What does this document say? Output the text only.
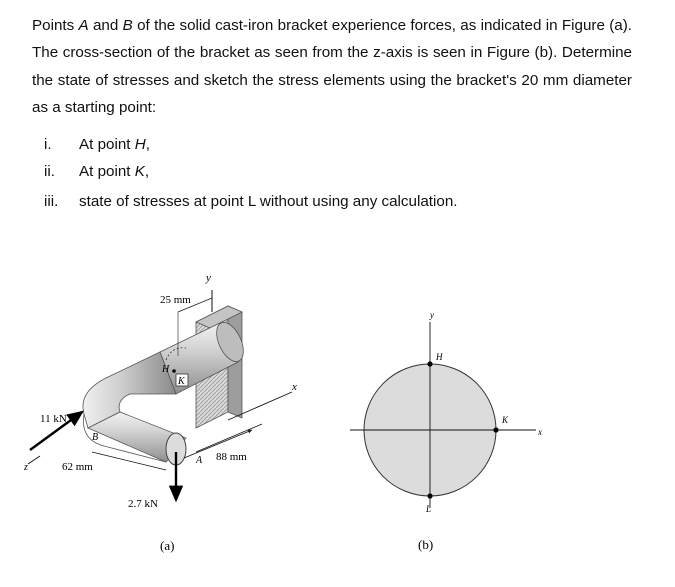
Points A and B of the solid cast-iron bracket experience forces, as indicated in Figure (a). The cross-section of the bracket as seen from the z-axis is seen in Figure (b). Determine the state of stresses and sketch the stress elements using the bracket's 20 mm diameter as a starting point:
i.	At point H,
ii.	At point K,
iii.	state of stresses at point L without using any calculation.
25 mm
y
H
K	x
11 kN
B
z	62 mm
A 88 mm
2.7 kN
(a)
y
H
K
x
L
(b)
